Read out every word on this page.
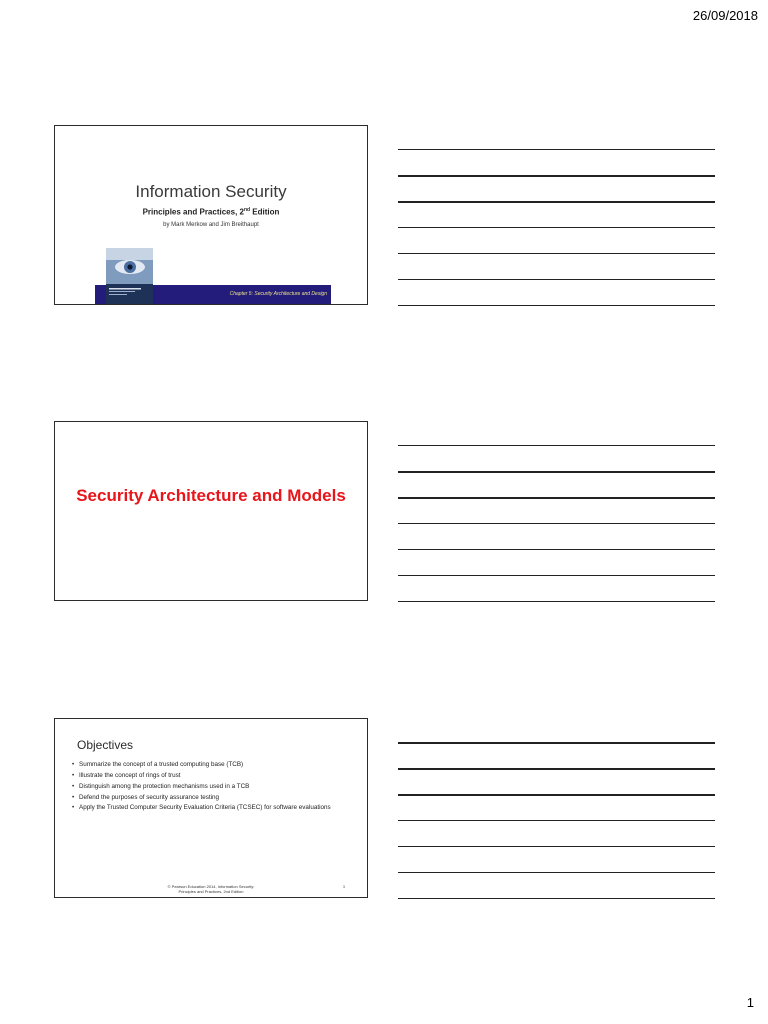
26/09/2018
Information Security
Principles and Practices, 2nd Edition
by Mark Merkow and Jim Breithaupt
Chapter 5: Security Architecture and Design
Security Architecture and Models
Objectives
• Summarize the concept of a trusted computing base (TCB)
• Illustrate the concept of rings of trust
• Distinguish among the protection mechanisms used in a TCB
• Defend the purposes of security assurance testing
• Apply the Trusted Computer Security Evaluation Criteria (TCSEC) for software evaluations
© Pearson Education 2014, Information Security:
Principles and Practices, 2nd Edition
3
1
